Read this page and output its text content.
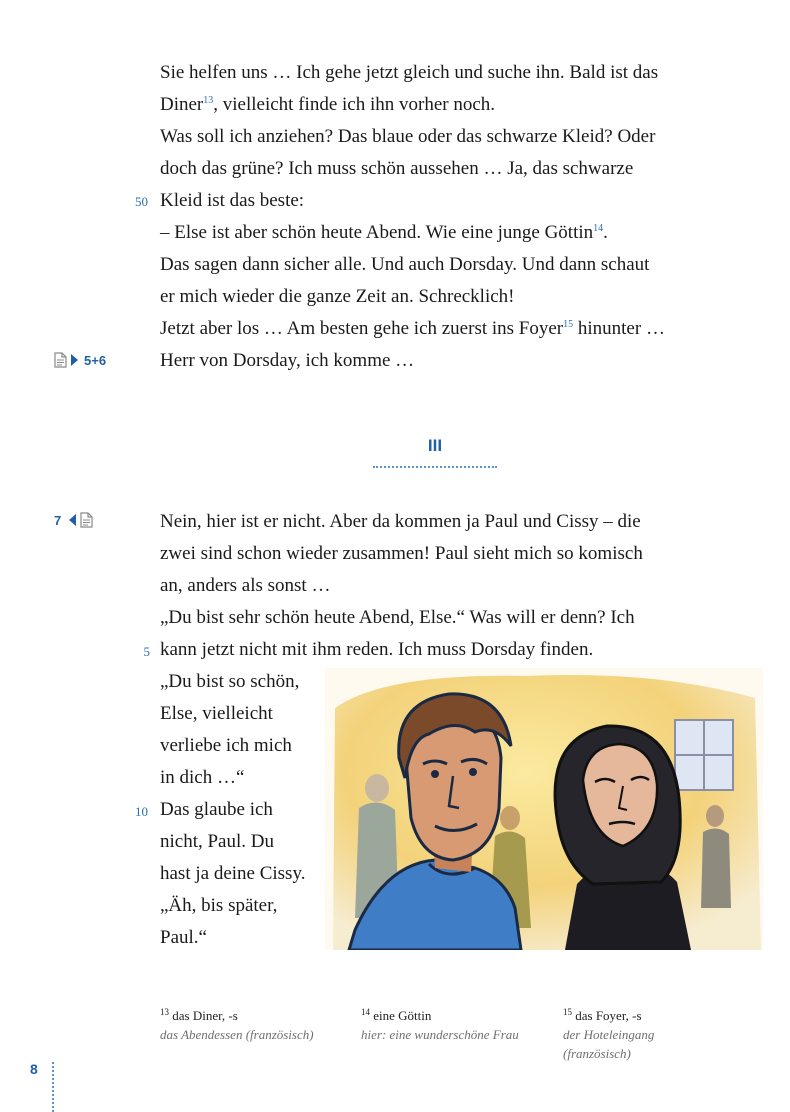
Sie helfen uns … Ich gehe jetzt gleich und suche ihn. Bald ist das
Diner$^{13}$, vielleicht finde ich ihn vorher noch.
Was soll ich anziehen? Das blaue oder das schwarze Kleid? Oder
doch das grüne? Ich muss schön aussehen … Ja, das schwarze
Kleid ist das beste:
– Else ist aber schön heute Abend. Wie eine junge Göttin$^{14}$.
Das sagen dann sicher alle. Und auch Dorsday. Und dann schaut
er mich wieder die ganze Zeit an. Schrecklich!
Jetzt aber los … Am besten gehe ich zuerst ins Foyer$^{15}$ hinunter …
Herr von Dorsday, ich komme …
50
5+6
III
7	Nein, hier ist er nicht. Aber da kommen ja Paul und Cissy – die
zwei sind schon wieder zusammen! Paul sieht mich so komisch
an, anders als sonst …
„Du bist sehr schön heute Abend, Else.“ Was will er denn? Ich
kann jetzt nicht mit ihm reden. Ich muss Dorsday finden.
„Du bist so schön,
Else, vielleicht
verliebe ich mich
in dich …“
Das glaube ich
nicht, Paul. Du
hast ja deine Cissy.
„Äh, bis später,
Paul.“
5
10
$^{13}$ das Diner, -s
das Abendessen (französisch)
$^{14}$ eine Göttin
hier: eine wunderschöne Frau
$^{15}$ das Foyer, -s
der Hoteleingang
(französisch)
8
